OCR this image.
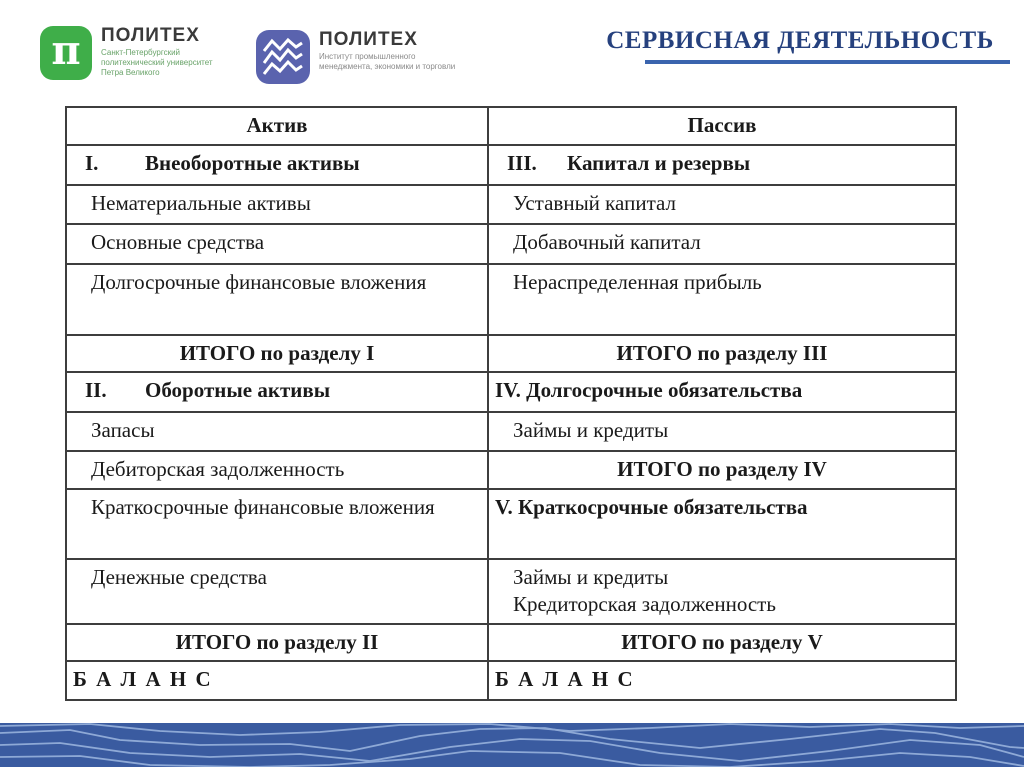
π ПОЛИТЕХ
Санкт-Петербургский
политехнический университет
Петра Великого
ПОЛИТЕХ
Институт промышленного
менеджмента, экономики и торговли
СЕРВИСНАЯ ДЕЯТЕЛЬНОСТЬ
Актив	Пассив
I. Внеоборотные активы	III. Капитал и резервы
Нематериальные активы	Уставный капитал
Основные средства	Добавочный капитал

Долгосрочные финансовые вложения	Нераспределенная прибыль
ИТОГО по разделу I	ИТОГО по разделу III
II. Оборотные активы	IV. Долгосрочные обязательства
Запасы	Займы и кредиты
Дебиторская задолженность	ИТОГО по разделу IV

Краткосрочные финансовые вложения	V. Краткосрочные обязательства
Денежные средства	Займы и кредиты
Кредиторская задолженность

ИТОГО по разделу II	ИТОГО по разделу V
Б А Л А Н С	Б А Л А Н С
